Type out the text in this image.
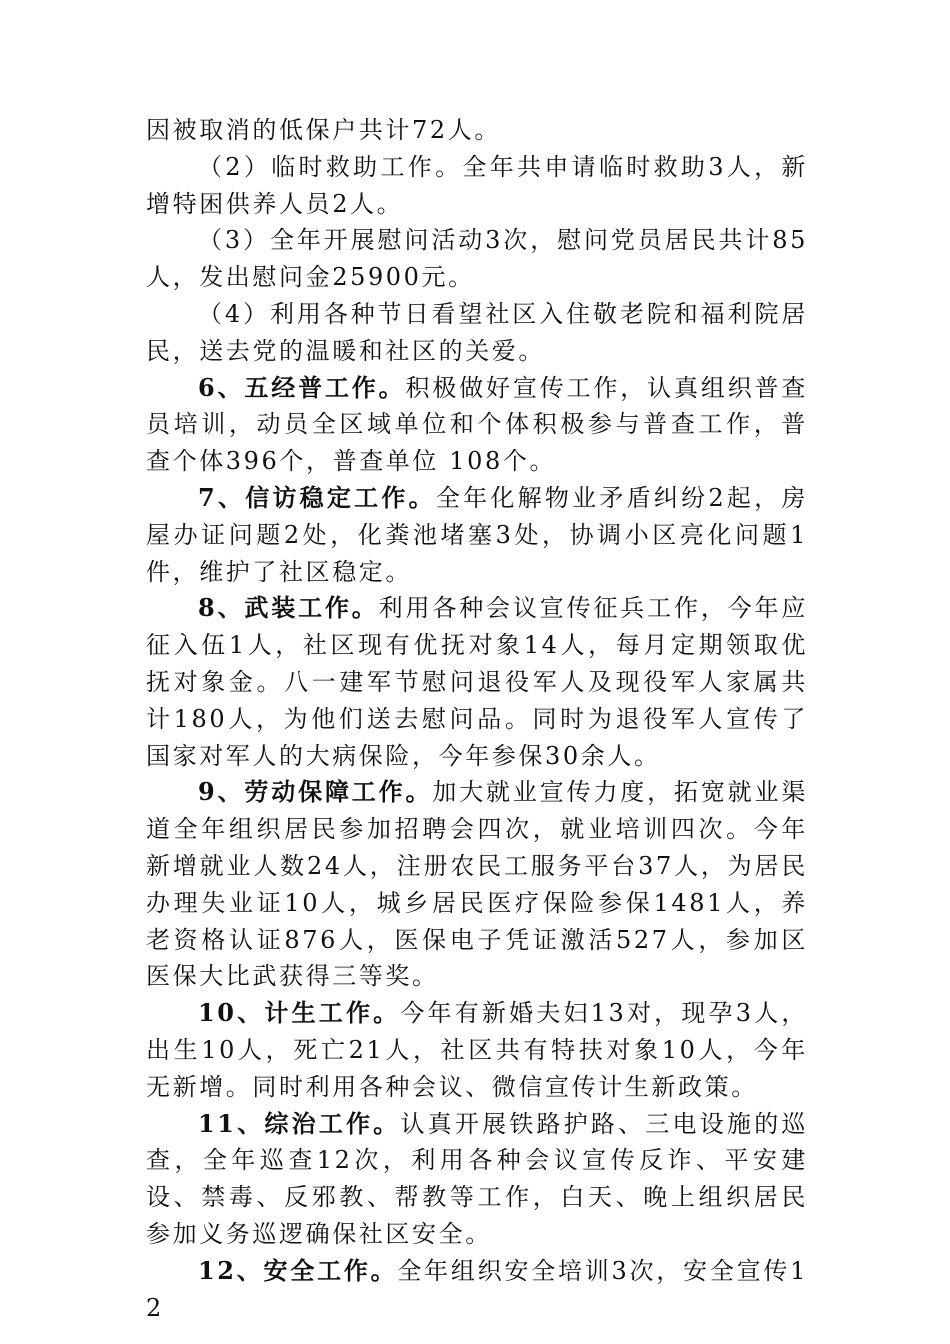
因被取消的低保户共计72人。

（2）临时救助工作。全年共申请临时救助3人，新增特困供养人员2人。

（3）全年开展慰问活动3次，慰问党员居民共计85人，发出慰问金25900元。

（4）利用各种节日看望社区入住敬老院和福利院居民，送去党的温暖和社区的关爱。

6、五经普工作。积极做好宣传工作，认真组织普查员培训，动员全区域单位和个体积极参与普查工作，普查个体396个，普查单位 108个。

7、信访稳定工作。全年化解物业矛盾纠纷2起，房屋办证问题2处，化粪池堵塞3处，协调小区亮化问题1件，维护了社区稳定。

8、武装工作。利用各种会议宣传征兵工作，今年应征入伍1人，社区现有优抚对象14人，每月定期领取优抚对象金。八一建军节慰问退役军人及现役军人家属共计180人，为他们送去慰问品。同时为退役军人宣传了国家对军人的大病保险，今年参保30余人。

9、劳动保障工作。加大就业宣传力度，拓宽就业渠道全年组织居民参加招聘会四次，就业培训四次。今年新增就业人数24人，注册农民工服务平台37人，为居民办理失业证10人，城乡居民医疗保险参保1481人，养老资格认证876人，医保电子凭证激活527人，参加区医保大比武获得三等奖。

10、计生工作。今年有新婚夫妇13对，现孕3人，出生10人，死亡21人，社区共有特扶对象10人，今年无新增。同时利用各种会议、微信宣传计生新政策。

11、综治工作。认真开展铁路护路、三电设施的巡查，全年巡查12次，利用各种会议宣传反诈、平安建设、禁毒、反邪教、帮教等工作，白天、晚上组织居民参加义务巡逻确保社区安全。

12、安全工作。全年组织安全培训3次，安全宣传12
